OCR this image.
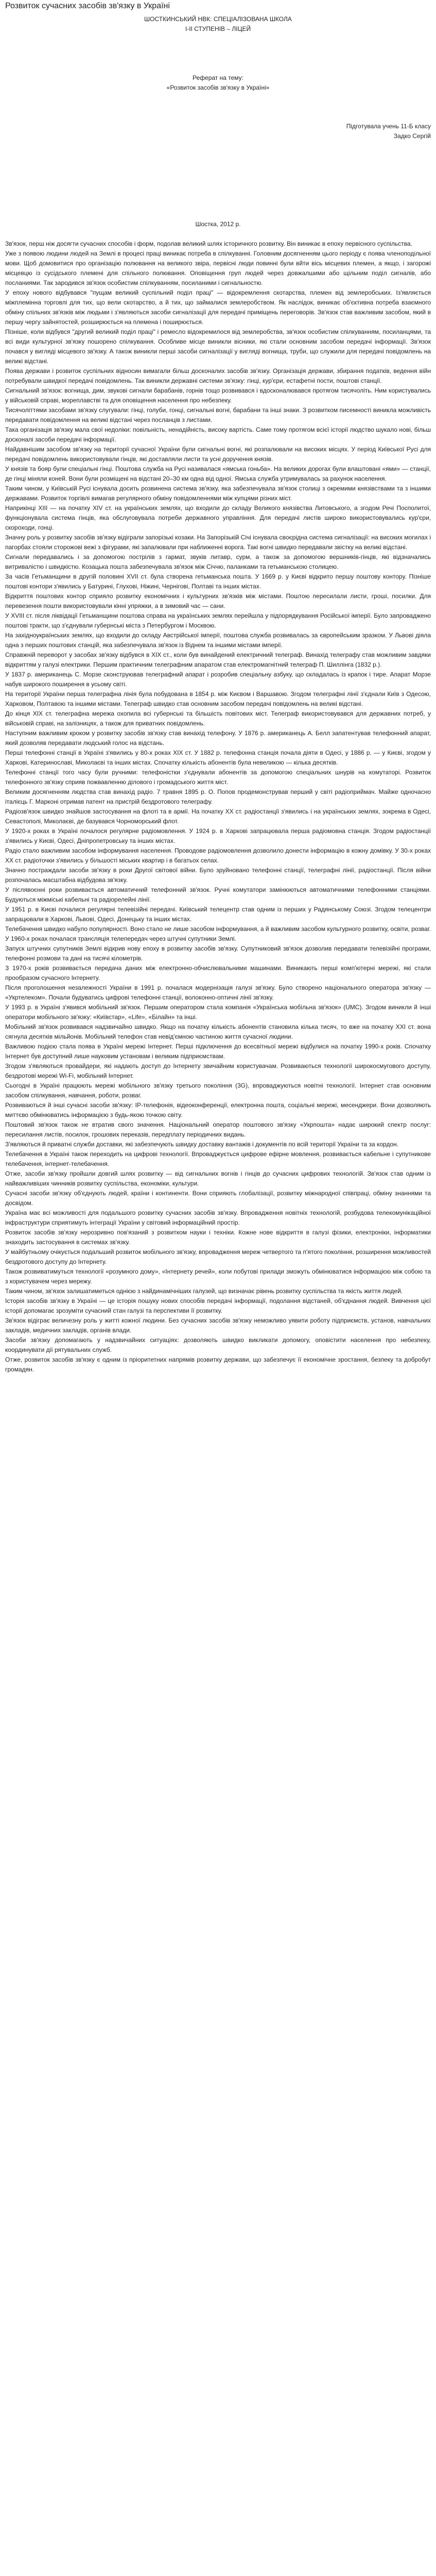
Розвиток сучасних засобів зв'язку в Україні
ШОСТКИНСЬКИЙ НВК: СПЕЦІАЛІЗОВАНА ШКОЛА
І-ІІ СТУПЕНІВ – ЛІЦЕЙ
Реферат на тему:
«Розвиток засобів зв'язку в Україні»
Підготувала учень 11-Б класу
Задко Сергій
Шостка, 2012 р.

Зв'язок, перш ніж досягти сучасних способів і форм, подолав великий шлях історичного розвитку. Він виникає в епоху первісного суспільства.

Уже з появою людини людей на Землі в процесі праці виникає потреба в спілкуванні. Головним досягненням цього періоду є поява членоподільної мови. Щоб домовитися про організацію полювання на великого звіра, первісні люди повинні були вйти вісь місцевих племен, а якщо, і загорожі місцевцю із сусідського племені для спільного полювання. Оповіщення груп людей через довжалшими або щільним поділ сигналів, або посланиями. Так зародився зв'язок особистим спілкуванням, посиланими і сигнальностю.

У епоху нового відбувався "пущам великий суспільний поділ праці" — відокремлення скотарства, племен від землеробських. Із'являється міжплемінна торговлі для тих, що вели скотарство, а й тих, що займалися землеробством. Як наслідок, виникає об'єктивна потреба взаємного обміну спільних зв'язків між людьми і з'являються засоби сигналізації для передачі приміщень переговорів. Зв'язок став важливим засобом, який в першу чергу зайнятостей, розширюється на племена і поширюється.

Пізніше, коли відбувся "другий великий поділ праці" і ремесло відокремилося від землеробства, зв'язок особистим спілкуванням, посиланцями, та всі види культурної зв'язку пошорено спілкування. Особливе місце виникли вісники, які стали основним засобом передачі інформації. Зв'язок почався у вигляді місцевого зв'язку. А також виникли перші засоби сигналізації у вигляді вогнища, труби, що служили для передачі повідомлень на великі відстані.

Поява держави і розвиток суспільних відносин вимагали більш досконалих засобів зв'язку. Організація держави, збирання податків, ведення війн потребували швидкої передачі повідомлень. Так виникли державні системи зв'язку: гінці, кур'єри, естафетні пости, поштові станції.

Сигнальний зв'язок: вогнища, дим, звукові сигнали барабанів, горнів тощо розвивався і вдосконалювався протягом тисячоліть. Ним користувались у військовій справі, мореплавстві та для оповіщення населення про небезпеку.

Тисячоліттями засобами зв'язку слугували: гінці, голуби, гонці, сигнальні вогні, барабани та інші знаки. З розвитком писемності виникла можливість передавати повідомлення на великі відстані через посланців з листами.

Така організація зв'язку мала свої недоліки: повільність, ненадійність, високу вартість. Саме тому протягом всієї історії людство шукало нові, більш досконалі засоби передачі інформації.

Найдавнішим засобом зв'язку на території сучасної України були сигнальні вогні, які розпалювали на високих місцях. У період Київської Русі для передачі повідомлень використовували гінців, які доставляли листи та усні доручення князів.

У князів та бояр були спеціальні гінці. Поштова служба на Русі називалася «ямська гоньба». На великих дорогах були влаштовані «ями» — станції, де гінці міняли коней. Вони були розміщені на відстані 20–30 км одна від одної. Ямська служба утримувалась за рахунок населення.

Таким чином, у Київській Русі існувала досить розвинена система зв'язку, яка забезпечувала зв'язок столиці з окремими князівствами та з іншими державами. Розвиток торгівлі вимагав регулярного обміну повідомленнями між купцями різних міст.

Наприкінці XIII — на початку XIV ст. на українських землях, що входили до складу Великого князівства Литовського, а згодом Речі Посполитої, функціонувала система гінців, яка обслуговувала потреби державного управління. Для передачі листів широко використовувались кур'єри, скороходи, гонці.

Значну роль у розвитку засобів зв'язку відіграли запорізькі козаки. На Запорізькій Січі існувала своєрідна система сигналізації: на високих могилах і пагорбах стояли сторожові вежі з фігурами, які запалювали при наближенні ворога. Такі вогні швидко передавали звістку на великі відстані.

Сигнали передавались і за допомогою пострілів з гармат, звуків литавр, сурм, а також за допомогою вершників-гінців, які відзначались витривалістю і швидкістю. Козацька пошта забезпечувала зв'язок між Січчю, паланками та гетьманською столицею.

За часів Гетьманщини в другій половині XVII ст. була створена гетьманська пошта. У 1669 р. у Києві відкрито першу поштову контору. Пізніше поштові контори з'явились у Батурині, Глухові, Ніжині, Чернігові, Полтаві та інших містах.

Відкриття поштових контор сприяло розвитку економічних і культурних зв'язків між містами. Поштою пересилали листи, гроші, посилки. Для перевезення пошти використовували кінні упряжки, а в зимовий час — сани.

У XVIII ст. після ліквідації Гетьманщини поштова справа на українських землях перейшла у підпорядкування Російської імперії. Було запроваджено поштові тракти, що з'єднували губернські міста з Петербургом і Москвою.

На західноукраїнських землях, що входили до складу Австрійської імперії, поштова служба розвивалась за європейським зразком. У Львові діяла одна з перших поштових станцій, яка забезпечувала зв'язок із Віднем та іншими містами імперії.

Справжній переворот у засобах зв'язку відбувся в XIX ст., коли був винайдений електричний телеграф. Винахід телеграфу став можливим завдяки відкриттям у галузі електрики. Першим практичним телеграфним апаратом став електромагнітний телеграф П. Шиллінга (1832 р.).

У 1837 р. американець С. Морзе сконструював телеграфний апарат і розробив спеціальну азбуку, що складалась із крапок і тире. Апарат Морзе набув широкого поширення в усьому світі.

На території України перша телеграфна лінія була побудована в 1854 р. між Києвом і Варшавою. Згодом телеграфні лінії з'єднали Київ з Одесою, Харковом, Полтавою та іншими містами. Телеграф швидко став основним засобом передачі повідомлень на великі відстані.

До кінця XIX ст. телеграфна мережа охопила всі губернські та більшість повітових міст. Телеграф використовувався для державних потреб, у військовій справі, на залізницях, а також для приватних повідомлень.

Наступним важливим кроком у розвитку засобів зв'язку став винахід телефону. У 1876 р. американець А. Белл запатентував телефонний апарат, який дозволяв передавати людський голос на відстань.

Перші телефонні станції в Україні з'явились у 80-х роках XIX ст. У 1882 р. телефонна станція почала діяти в Одесі, у 1886 р. — у Києві, згодом у Харкові, Катеринославі, Миколаєві та інших містах. Спочатку кількість абонентів була невеликою — кілька десятків.

Телефонні станції того часу були ручними: телефоністки з'єднували абонентів за допомогою спеціальних шнурів на комутаторі. Розвиток телефонного зв'язку сприяв пожвавленню ділового і громадського життя міст.

Великим досягненням людства став винахід радіо. 7 травня 1895 р. О. Попов продемонстрував перший у світі радіоприймач. Майже одночасно італієць Г. Марконі отримав патент на пристрій бездротового телеграфу.

Радіозв'язок швидко знайшов застосування на флоті та в армії. На початку XX ст. радіостанції з'явились і на українських землях, зокрема в Одесі, Севастополі, Миколаєві, де базувався Чорноморський флот.

У 1920-х роках в Україні почалося регулярне радіомовлення. У 1924 р. в Харкові запрацювала перша радіомовна станція. Згодом радіостанції з'явились у Києві, Одесі, Дніпропетровську та інших містах.

Радіо стало важливим засобом інформування населення. Проводове радіомовлення дозволило донести інформацію в кожну домівку. У 30-х роках XX ст. радіоточки з'явились у більшості міських квартир і в багатьох селах.

Значно постраждали засоби зв'язку в роки Другої світової війни. Було зруйновано телефонні станції, телеграфні лінії, радіостанції. Після війни розпочалась масштабна відбудова зв'язку.

У післявоєнні роки розвивається автоматичний телефонний зв'язок. Ручні комутатори замінюються автоматичними телефонними станціями. Будуються міжміські кабельні та радіорелейні лінії.

У 1951 р. в Києві почалися регулярні телевізійні передачі. Київський телецентр став одним із перших у Радянському Союзі. Згодом телецентри запрацювали в Харкові, Львові, Одесі, Донецьку та інших містах.

Телебачення швидко набуло популярності. Воно стало не лише засобом інформування, а й важливим засобом культурного розвитку, освіти, розваг. У 1960-х роках почалася трансляція телепередач через штучні супутники Землі.

Запуск штучних супутників Землі відкрив нову епоху в розвитку засобів зв'язку. Супутниковий зв'язок дозволив передавати телевізійні програми, телефонні розмови та дані на тисячі кілометрів.

З 1970-х років розвивається передача даних між електронно-обчислювальними машинами. Виникають перші комп'ютерні мережі, які стали прообразом сучасного Інтернету.

Після проголошення незалежності України в 1991 р. почалася модернізація галузі зв'язку. Було створено національного оператора зв'язку — «Укртелеком». Почали будуватись цифрові телефонні станції, волоконно-оптичні лінії зв'язку.

У 1993 р. в Україні з'явився мобільний зв'язок. Першим оператором стала компанія «Українська мобільна зв'язок» (UMC). Згодом виникли й інші оператори мобільного зв'язку: «Київстар», «Life», «Білайн» та інші.

Мобільний зв'язок розвивався надзвичайно швидко. Якщо на початку кількість абонентів становила кілька тисяч, то вже на початку XXI ст. вона сягнула десятків мільйонів. Мобільний телефон став невід'ємною частиною життя сучасної людини.

Важливою подією стала поява в Україні мережі Інтернет. Перші підключення до всесвітньої мережі відбулися на початку 1990-х років. Спочатку Інтернет був доступний лише науковим установам і великим підприємствам.

Згодом з'являються провайдери, які надають доступ до Інтернету звичайним користувачам. Розвиваються технології широкосмугового доступу, бездротові мережі Wi-Fi, мобільний Інтернет.

Сьогодні в Україні працюють мережі мобільного зв'язку третього покоління (3G), впроваджуються новітні технології. Інтернет став основним засобом спілкування, навчання, роботи, розваг.

Розвиваються й інші сучасні засоби зв'язку: IP-телефонія, відеоконференції, електронна пошта, соціальні мережі, месенджери. Вони дозволяють миттєво обмінюватись інформацією з будь-якою точкою світу.

Поштовий зв'язок також не втратив свого значення. Національний оператор поштового зв'язку «Укрпошта» надає широкий спектр послуг: пересилання листів, посилок, грошових переказів, передплату періодичних видань.

З'являються й приватні служби доставки, які забезпечують швидку доставку вантажів і документів по всій території України та за кордон.

Телебачення в Україні також переходить на цифрові технології. Впроваджується цифрове ефірне мовлення, розвивається кабельне і супутникове телебачення, інтернет-телебачення.

Отже, засоби зв'язку пройшли довгий шлях розвитку — від сигнальних вогнів і гінців до сучасних цифрових технологій. Зв'язок став одним із найважливіших чинників розвитку суспільства, економіки, культури.

Сучасні засоби зв'язку об'єднують людей, країни і континенти. Вони сприяють глобалізації, розвитку міжнародної співпраці, обміну знаннями та досвідом.

Україна має всі можливості для подальшого розвитку сучасних засобів зв'язку. Впровадження новітніх технологій, розбудова телекомунікаційної інфраструктури сприятимуть інтеграції України у світовий інформаційний простір.

Розвиток засобів зв'язку нерозривно пов'язаний з розвитком науки і техніки. Кожне нове відкриття в галузі фізики, електроніки, інформатики знаходить застосування в системах зв'язку.

У майбутньому очікується подальший розвиток мобільного зв'язку, впровадження мереж четвертого та п'ятого покоління, розширення можливостей бездротового доступу до Інтернету.

Також розвиватимуться технології «розумного дому», «Інтернету речей», коли побутові прилади зможуть обмінюватися інформацією між собою та з користувачем через мережу.

Таким чином, зв'язок залишатиметься однією з найдинамічніших галузей, що визначає рівень розвитку суспільства та якість життя людей.

Історія засобів зв'язку в Україні — це історія пошуку нових способів передачі інформації, подолання відстаней, об'єднання людей. Вивчення цієї історії допомагає зрозуміти сучасний стан галузі та перспективи її розвитку.

Зв'язок відіграє величезну роль у житті кожної людини. Без сучасних засобів зв'язку неможливо уявити роботу підприємств, установ, навчальних закладів, медичних закладів, органів влади.

Засоби зв'язку допомагають у надзвичайних ситуаціях: дозволяють швидко викликати допомогу, оповістити населення про небезпеку, координувати дії рятувальних служб.

Отже, розвиток засобів зв'язку є одним із пріоритетних напрямів розвитку держави, що забезпечує її економічне зростання, безпеку та добробут громадян.
